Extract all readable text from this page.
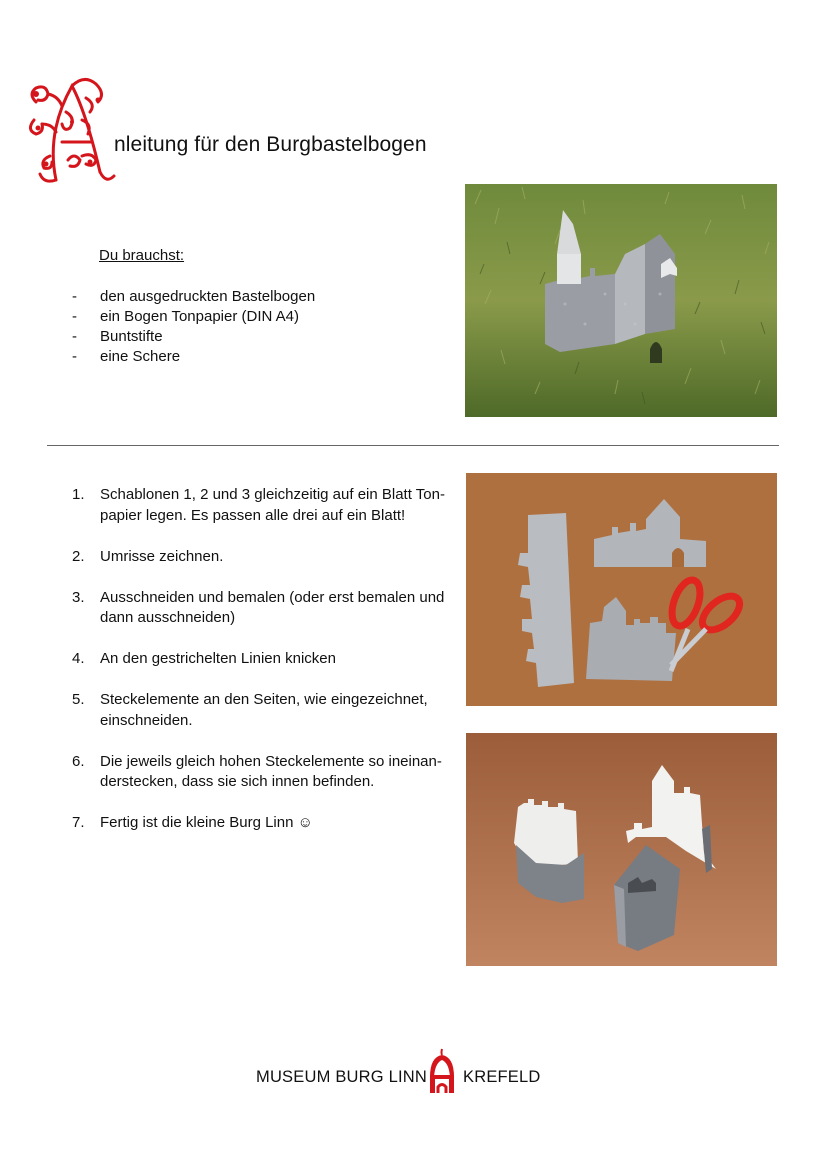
nleitung für den Burgbastelbogen
Du brauchst:
- den ausgedruckten Bastelbogen
- ein Bogen Tonpapier (DIN A4)
- Buntstifte
- eine Schere
1. Schablonen 1, 2 und 3 gleichzeitig auf ein Blatt Ton-papier legen. Es passen alle drei auf ein Blatt!
2. Umrisse zeichnen.
3. Ausschneiden und bemalen (oder erst bemalen und dann ausschneiden)
4. An den gestrichelten Linien knicken
5. Steckelemente an den Seiten, wie eingezeichnet, einschneiden.
6. Die jeweils gleich hohen Steckelemente so ineinan-derstecken, dass sie sich innen befinden.
7. Fertig ist die kleine Burg Linn ☺
MUSEUM BURG LINN KREFELD
